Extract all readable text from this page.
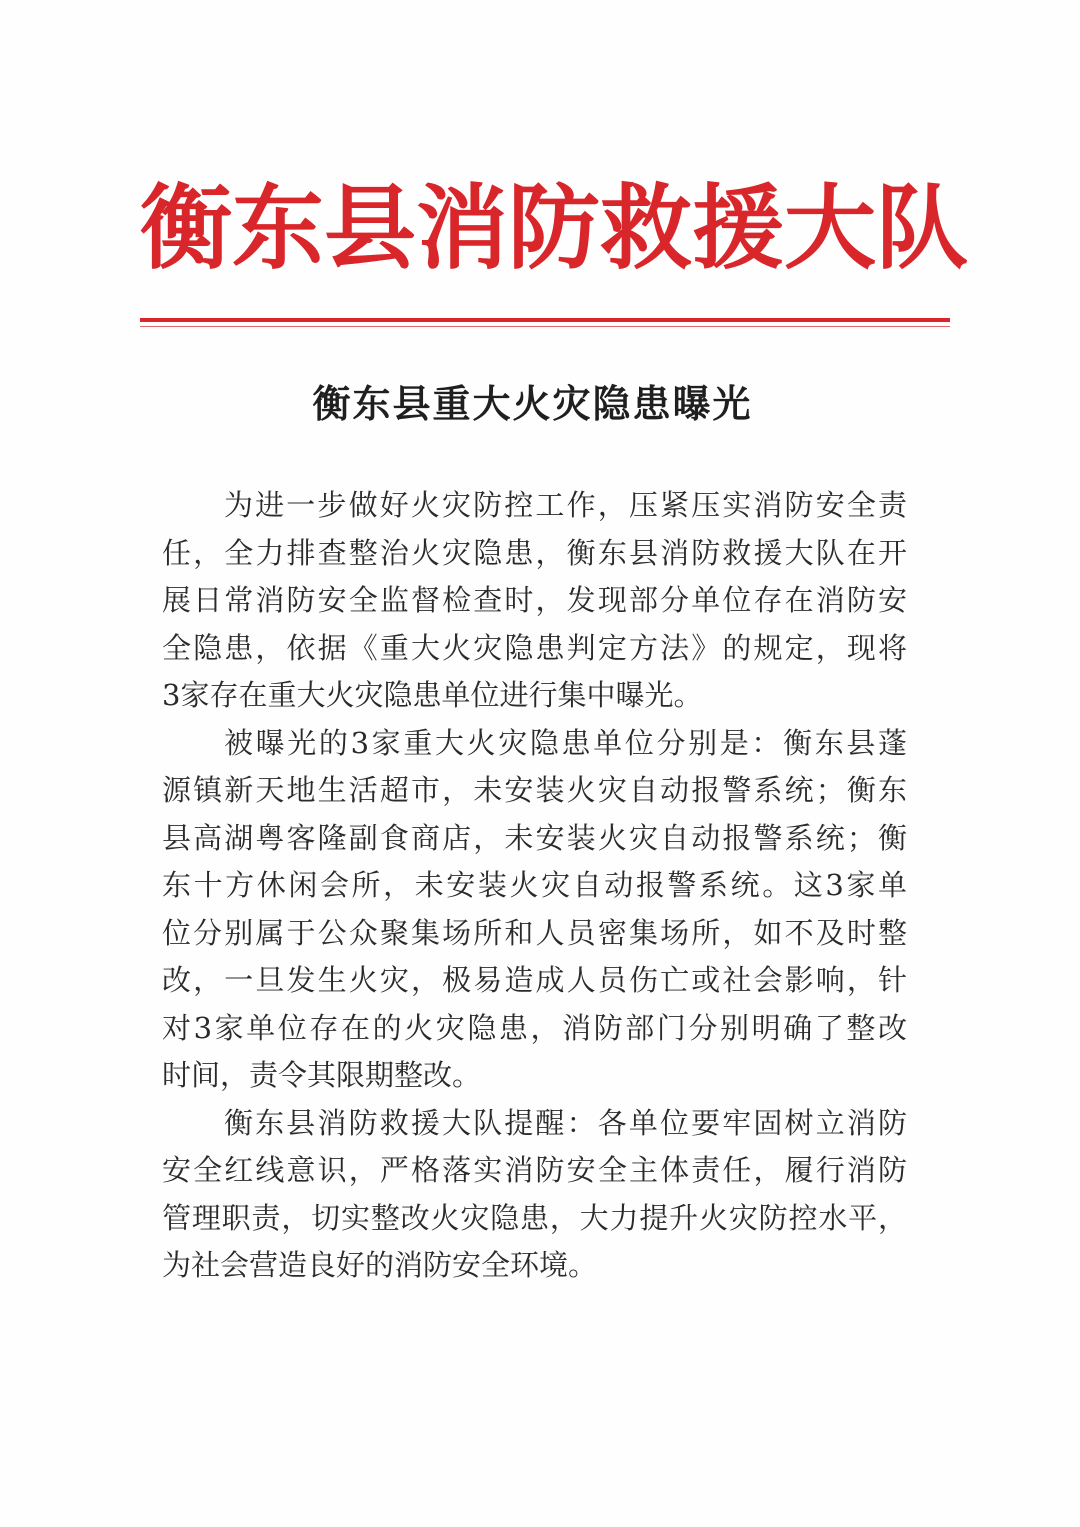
衡东县消防救援大队
衡东县重大火灾隐患曝光
为进一步做好火灾防控工作，压紧压实消防安全责
任，全力排查整治火灾隐患，衡东县消防救援大队在开
展日常消防安全监督检查时，发现部分单位存在消防安
全隐患，依据《重大火灾隐患判定方法》的规定，现将
3家存在重大火灾隐患单位进行集中曝光。
被曝光的3家重大火灾隐患单位分别是：衡东县蓬
源镇新天地生活超市，未安装火灾自动报警系统；衡东
县高湖粤客隆副食商店，未安装火灾自动报警系统；衡
东十方休闲会所，未安装火灾自动报警系统。这3家单
位分别属于公众聚集场所和人员密集场所，如不及时整
改，一旦发生火灾，极易造成人员伤亡或社会影响，针
对3家单位存在的火灾隐患，消防部门分别明确了整改
时间，责令其限期整改。
衡东县消防救援大队提醒：各单位要牢固树立消防
安全红线意识，严格落实消防安全主体责任，履行消防
管理职责，切实整改火灾隐患，大力提升火灾防控水平，
为社会营造良好的消防安全环境。
